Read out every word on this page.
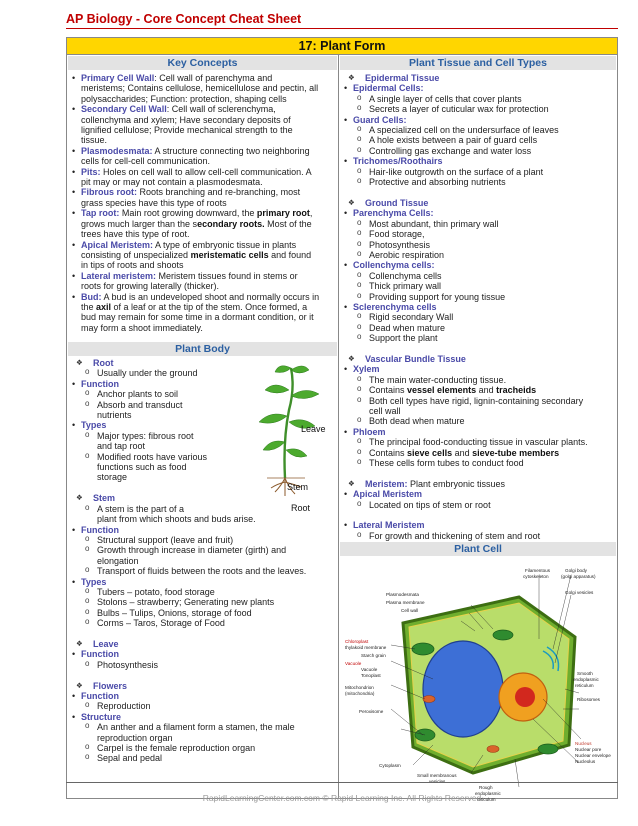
AP Biology - Core Concept Cheat Sheet
17: Plant Form
Key Concepts
• Primary Cell Wall: Cell wall of parenchyma and
meristems; Contains cellulose, hemicellulose and pectin, all
polysaccharides; Function: protection, shaping cells
• Secondary Cell Wall: Cell wall of sclerenchyma,
collenchyma and xylem; Have secondary deposits of
lignified cellulose; Provide mechanical strength to the
tissue.
• Plasmodesmata: A structure connecting two neighboring
cells for cell-cell communication.
• Pits: Holes on cell wall to allow cell-cell communication. A
pit may or may not contain a plasmodesmata.
• Fibrous root: Roots branching and re-branching, most
grass species have this type of roots
• Tap root: Main root growing downward, the primary root,
grows much larger than the secondary roots. Most of the
trees have this type of root.
• Apical Meristem: A type of embryonic tissue in plants
consisting of unspecialized meristematic cells and found
in tips of roots and shoots
• Lateral meristem: Meristem tissues found in stems or
roots for growing laterally (thicker).
• Bud: A bud is an undeveloped shoot and normally occurs in
the axil of a leaf or at the tip of the stem. Once formed, a
bud may remain for some time in a dormant condition, or it
may form a shoot immediately.
Plant Body
❖ Root
o Usually under the ground
• Function
o Anchor plants to soil
o Absorb and transduct
nutrients
• Types
o Major types: fibrous root
and tap root
o Modified roots have various
functions such as food
storage

❖ Stem
o A stem is the part of a
plant from which shoots and buds arise.
• Function
o Structural support (leave and fruit)
o Growth through increase in diameter (girth) and
elongation
o Transport of fluids between the roots and the leaves.
• Types
o Tubers – potato, food storage
o Stolons – strawberry; Generating new plants
o Bulbs – Tulips, Onions, storage of food
o Corms – Taros, Storage of Food

❖ Leave
• Function
o Photosynthesis

❖ Flowers
• Function
o Reproduction
• Structure
o An anther and a filament form a stamen, the male
reproduction organ
o Carpel is the female reproduction organ
o Sepal and pedal
Leave
Stem
Root
Plant Tissue and Cell Types
❖ Epidermal Tissue
• Epidermal Cells:
o A single layer of cells that cover plants
o Secrets a layer of cuticular wax for protection
• Guard Cells:
o A specialized cell on the undersurface of leaves
o A hole exists between a pair of guard cells
o Controlling gas exchange and water loss
• Trichomes/Roothairs
o Hair-like outgrowth on the surface of a plant
o Protective and absorbing nutrients

❖ Ground Tissue
• Parenchyma Cells:
o Most abundant, thin primary wall
o Food storage,
o Photosynthesis
o Aerobic respiration
• Collenchyma cells:
o Collenchyma cells
o Thick primary wall
o Providing support for young tissue
• Sclerenchyma cells
o Rigid secondary Wall
o Dead when mature
o Support the plant

❖ Vascular Bundle Tissue
• Xylem
o The main water-conducting tissue.
o Contains vessel elements and tracheids
o Both cell types have rigid, lignin-containing secondary
cell wall
o Both dead when mature
• Phloem
o The principal food-conducting tissue in vascular plants.
o Contains sieve cells and sieve-tube members
o These cells form tubes to conduct food

❖ Meristem: Plant embryonic tissues
• Apical Meristem
o Located on tips of stem or root

• Lateral Meristem
o For growth and thickening of stem and root
Plant Cell
Plasmodesmata
Plasma membrane
Cell wall
Chloroplast
thylakoid membrane
Starch grain
Vacuole
Vacuole
Tonoplast
Mitochondrion
(mitochondria)
Peroxisome
Cytoplasm
Small membranous
vesicles
Rough
endoplasmic
reticulum
Filamentous
cytoskeleton
Golgi body
(golgi apparatus)
Golgi vesicles
Smooth
endoplasmic
reticulum
Ribosomes
Nucleus
Nuclear pore
Nuclear envelope
Nucleolus
RapidLearningCenter.com.com © Rapid Learning Inc. All Rights Reserved
